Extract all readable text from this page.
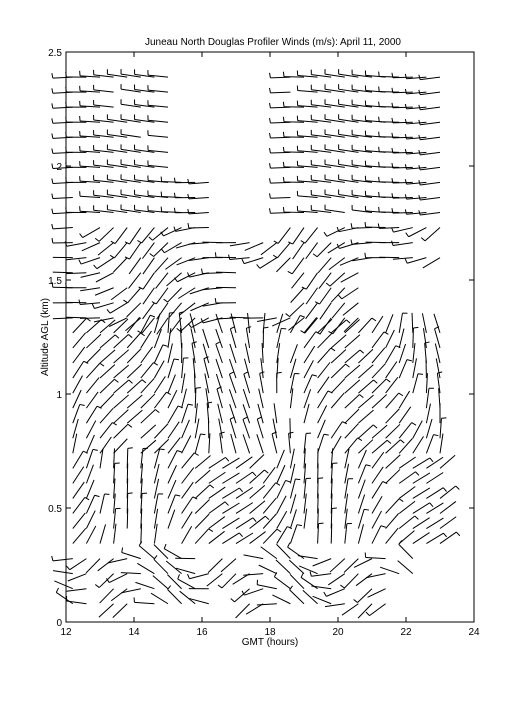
12	14	16	18	20	22	24
0
0.5
1
1.5
2
2.5
Juneau North Douglas Profiler Winds (m/s): April 11, 2000
GMT (hours)
Altitude AGL (km)
